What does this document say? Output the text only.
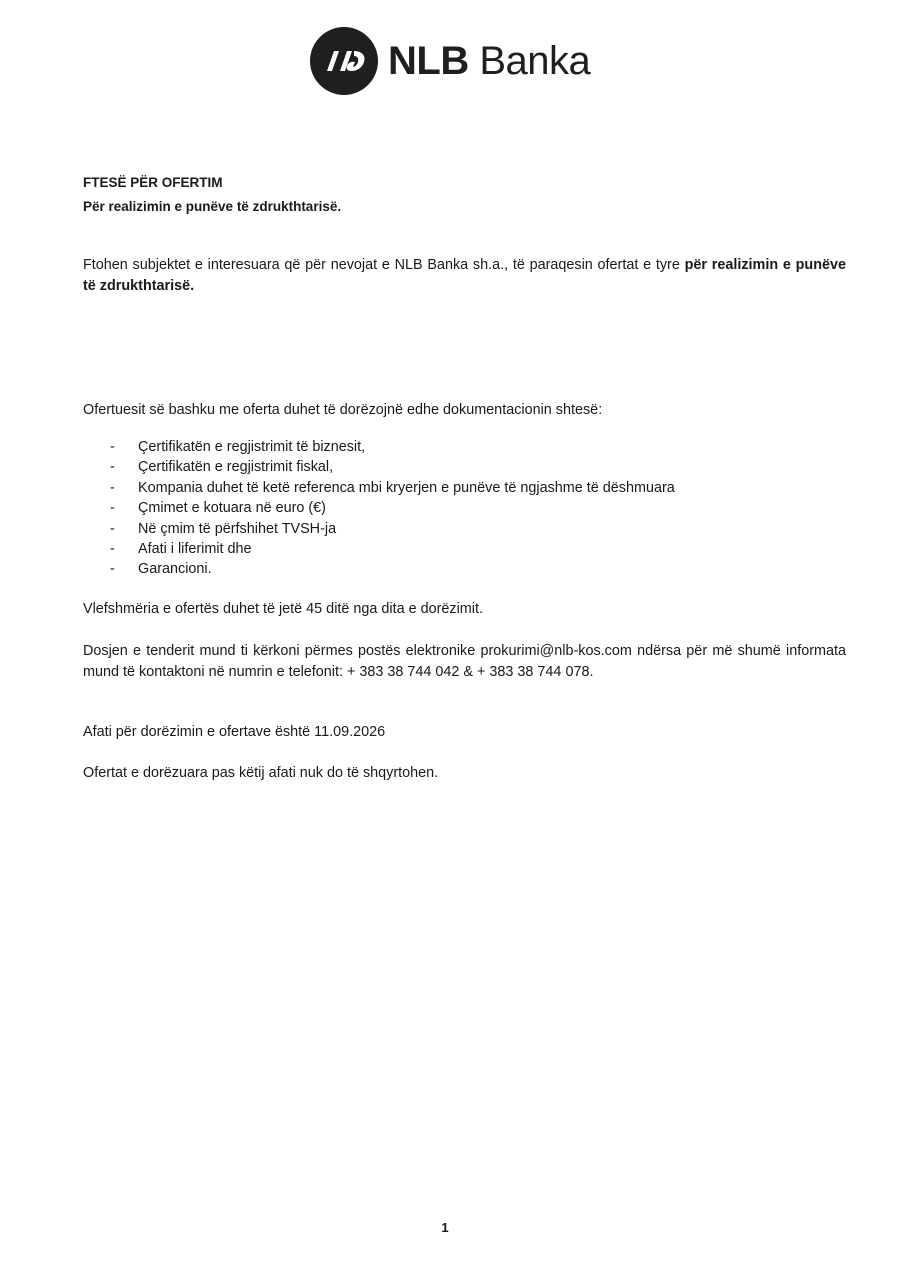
NLB Banka
FTESË PËR OFERTIM
Për realizimin e punëve të zdrukthtarisë.
Ftohen subjektet e interesuara që për nevojat e NLB Banka sh.a., të paraqesin ofertat e tyre për realizimin e punëve të zdrukthtarisë.
Ofertuesit së bashku me oferta duhet të dorëzojnë edhe dokumentacionin shtesë:
- Çertifikatën e regjistrimit të biznesit,
- Çertifikatën e regjistrimit fiskal,
- Kompania duhet të ketë referenca mbi kryerjen e punëve të ngjashme të dëshmuara
- Çmimet e kotuara në euro (€)
- Në çmim të përfshihet TVSH-ja
- Afati i liferimit dhe
- Garancioni.
Vlefshmëria e ofertës duhet të jetë 45 ditë nga dita e dorëzimit.
Dosjen e tenderit mund ti kërkoni përmes postës elektronike prokurimi@nlb-kos.com ndërsa për më shumë informata mund të kontaktoni në numrin e telefonit: + 383 38 744 042 & + 383 38 744 078.
Afati për dorëzimin e ofertave është 11.09.2026
Ofertat e dorëzuara pas këtij afati nuk do të shqyrtohen.
1
